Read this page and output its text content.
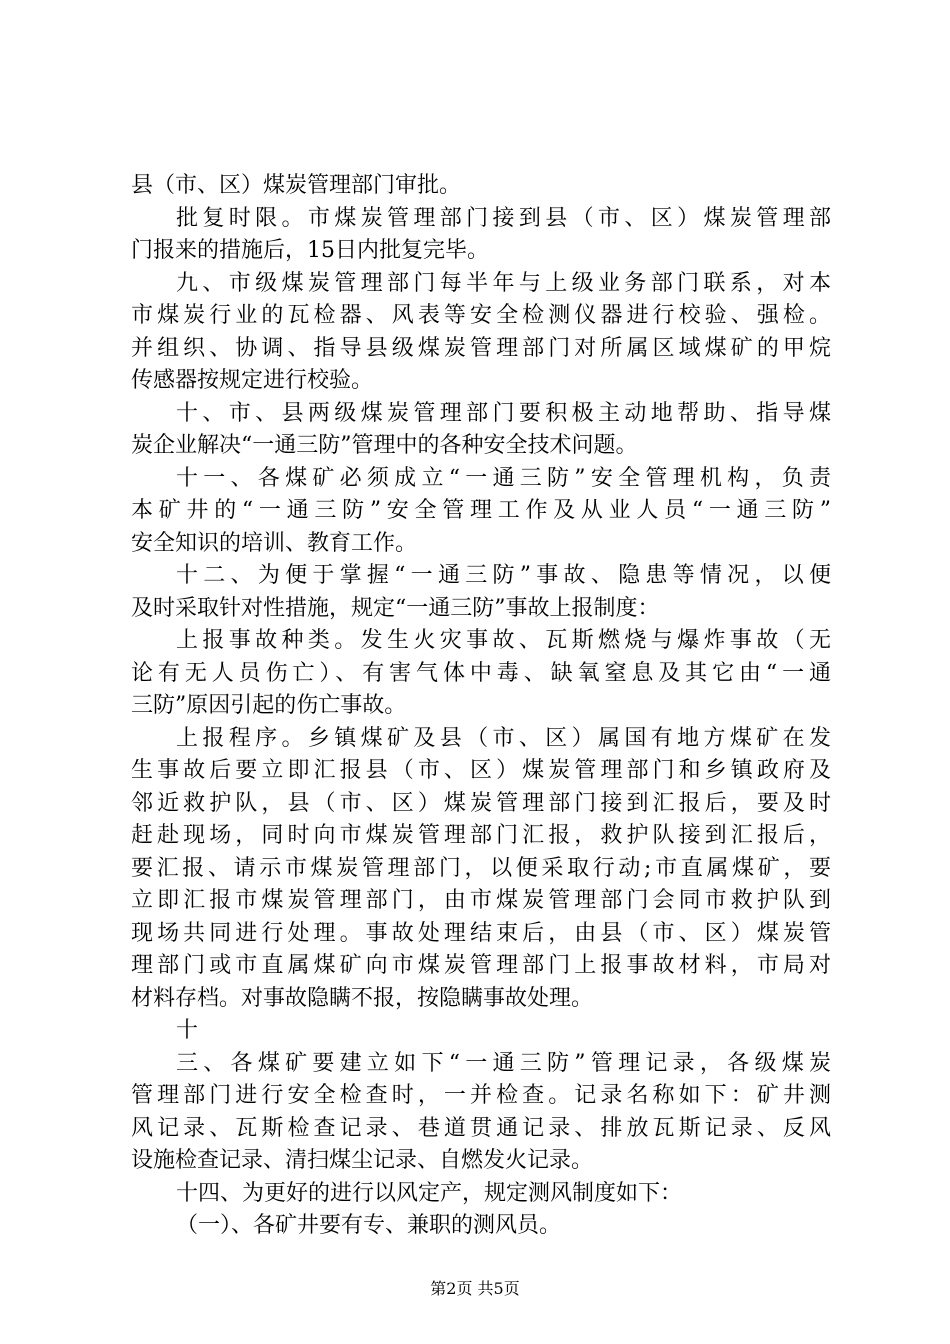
县（市、区）煤炭管理部门审批。
批复时限。市煤炭管理部门接到县（市、区）煤炭管理部
门报来的措施后，15日内批复完毕。
九、市级煤炭管理部门每半年与上级业务部门联系，对本
市煤炭行业的瓦检器、风表等安全检测仪器进行校验、强检。
并组织、协调、指导县级煤炭管理部门对所属区域煤矿的甲烷
传感器按规定进行校验。
十、市、县两级煤炭管理部门要积极主动地帮助、指导煤
炭企业解决“一通三防”管理中的各种安全技术问题。
十一、各煤矿必须成立“一通三防”安全管理机构，负责
本矿井的“一通三防”安全管理工作及从业人员“一通三防”
安全知识的培训、教育工作。
十二、为便于掌握“一通三防”事故、隐患等情况，以便
及时采取针对性措施，规定“一通三防”事故上报制度：
上报事故种类。发生火灾事故、瓦斯燃烧与爆炸事故（无
论有无人员伤亡）、有害气体中毒、缺氧窒息及其它由“一通
三防”原因引起的伤亡事故。
上报程序。乡镇煤矿及县（市、区）属国有地方煤矿在发
生事故后要立即汇报县（市、区）煤炭管理部门和乡镇政府及
邻近救护队，县（市、区）煤炭管理部门接到汇报后，要及时
赶赴现场，同时向市煤炭管理部门汇报，救护队接到汇报后，
要汇报、请示市煤炭管理部门，以便采取行动;市直属煤矿，要
立即汇报市煤炭管理部门，由市煤炭管理部门会同市救护队到
现场共同进行处理。事故处理结束后，由县（市、区）煤炭管
理部门或市直属煤矿向市煤炭管理部门上报事故材料，市局对
材料存档。对事故隐瞒不报，按隐瞒事故处理。
十
三、各煤矿要建立如下“一通三防”管理记录，各级煤炭
管理部门进行安全检查时，一并检查。记录名称如下：矿井测
风记录、瓦斯检查记录、巷道贯通记录、排放瓦斯记录、反风
设施检查记录、清扫煤尘记录、自燃发火记录。
十四、为更好的进行以风定产，规定测风制度如下：
（一）、各矿井要有专、兼职的测风员。
第2页 共5页
